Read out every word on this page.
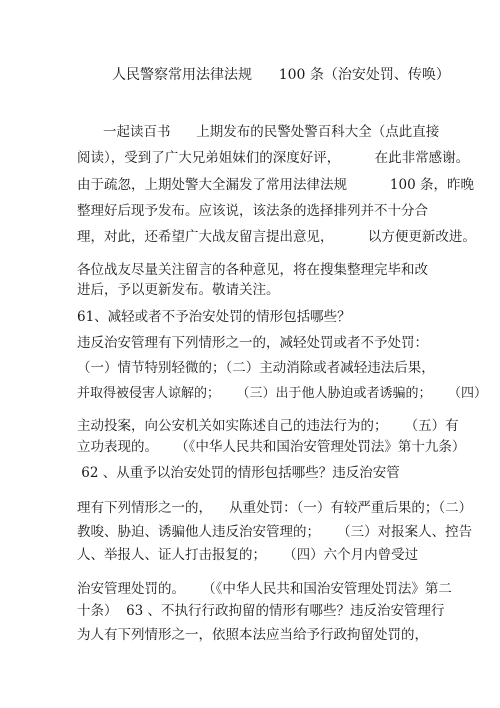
人民警察常用法律法规      100 条（治安处罚、传唤）
一起读百书      上期发布的民警处警百科大全（点此直接
阅读），受到了广大兄弟姐妹们的深度好评，        在此非常感谢。
由于疏忽，上期处警大全漏发了常用法律法规          100 条，昨晚
整理好后现予发布。应该说，该法条的选择排列并不十分合
理，对此，还希望广大战友留言提出意见，        以方便更新改进。
各位战友尽量关注留言的各种意见，将在搜集整理完毕和改
进后，予以更新发布。敬请关注。
61、减轻或者不予治安处罚的情形包括哪些？
违反治安管理有下列情形之一的，减轻处罚或者不予处罚：
（一）情节特别轻微的；（二）主动消除或者减轻违法后果，
并取得被侵害人谅解的；    （三）出于他人胁迫或者诱骗的；    （四）
主动投案，向公安机关如实陈述自己的违法行为的；    （五）有
立功表现的。    （《中华人民共和国治安管理处罚法》第十九条）
62 、从重予以治安处罚的情形包括哪些？违反治安管
理有下列情形之一的，    从重处罚：（一）有较严重后果的；（二）
教唆、胁迫、诱骗他人违反治安管理的；    （三）对报案人、控告
人、举报人、证人打击报复的；    （四）六个月内曾受过
治安管理处罚的。    （《中华人民共和国治安管理处罚法》第二
十条）  63 、不执行行政拘留的情形有哪些？违反治安管理行
为人有下列情形之一，依照本法应当给予行政拘留处罚的，
